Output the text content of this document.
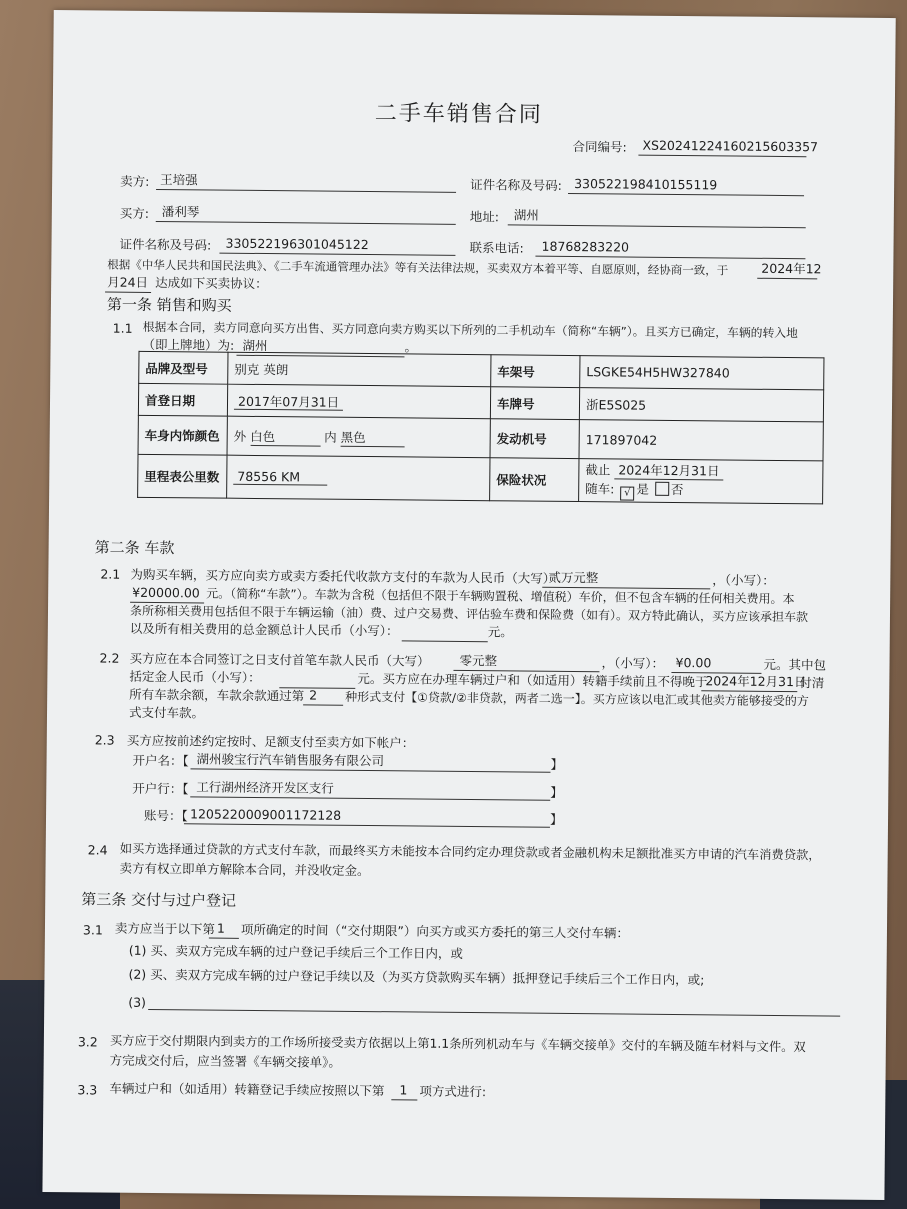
二手车销售合同
合同编号: XS20241224160215603357
卖方: 王培强	证件名称及号码: 330522198410155119
买方: 潘利琴	地址: 湖州
证件名称及号码: 330522196301045122	联系电话: 18768283220
根据《中华人民共和国民法典》、《二手车流通管理办法》等有关法律法规，买卖双方本着平等、自愿原则，经协商一致，于	2024年12
月24日 达成如下买卖协议：
第一条 销售和购买
1.1 根据本合同，卖方同意向买方出售、买方同意向卖方购买以下所列的二手机动车（简称“车辆”）。且买方已确定，车辆的转入地
（即上牌地）为: 湖州	。
品牌及型号	别克 英朗	车架号	LSGKE54H5HW327840
首登日期	2017年07月31日	车牌号	浙E5S025
车身内饰颜色	外 白色 内 黑色	发动机号	171897042
里程表公里数	78556 KM	保险状况	截止 2024年12月31日
随车: √ 是 否
第二条 车款
2.1 为购买车辆，买方应向卖方或卖方委托代收款方支付的车款为人民币（大写）
贰万元整	，（小写）：
¥20000.00 元。（简称“车款”）。车款为含税（包括但不限于车辆购置税、增值税）车价，但不包含车辆的任何相关费用。本
条所称相关费用包括但不限于车辆运输（油）费、过户交易费、评估验车费和保险费（如有）。双方特此确认，买方应该承担车款
以及所有相关费用的总金额总计人民币（小写）：	元。
2.2 买方应在本合同签订之日支付首笔车款人民币（大写） 零元整	，（小写）： ¥0.00	元。其中包
括定金人民币（小写）：	元。买方应在办理车辆过户和（如适用）转籍手续前且不得晚于
2024年12月31日
付清
所有车款余额，车款余款通过第 2 种形式支付【①贷款/②非贷款，两者二选一】。买方应该以电汇或其他卖方能够接受的方
式支付车款。
2.3 买方应按前述约定按时、足额支付至卖方如下帐户：
开户名：【 湖州骏宝行汽车销售服务有限公司	】
开户行：【 工行湖州经济开发区支行	】
账号：【 1205220009001172128	】
2.4 如买方选择通过贷款的方式支付车款，而最终买方未能按本合同约定办理贷款或者金融机构未足额批准买方申请的汽车消费贷款，
卖方有权立即单方解除本合同，并没收定金。
第三条 交付与过户登记
3.1 卖方应当于以下第 1 项所确定的时间（“交付期限”）向买方或买方委托的第三人交付车辆：
(1) 买、卖双方完成车辆的过户登记手续后三个工作日内，或
(2) 买、卖双方完成车辆的过户登记手续以及（为买方贷款购买车辆）抵押登记手续后三个工作日内，或;
(3)
3.2 买方应于交付期限内到卖方的工作场所接受卖方依据以上第1.1条所列机动车与《车辆交接单》交付的车辆及随车材料与文件。双
方完成交付后，应当签署《车辆交接单》。
3.3 车辆过户和（如适用）转籍登记手续应按照以下第 1 项方式进行:
